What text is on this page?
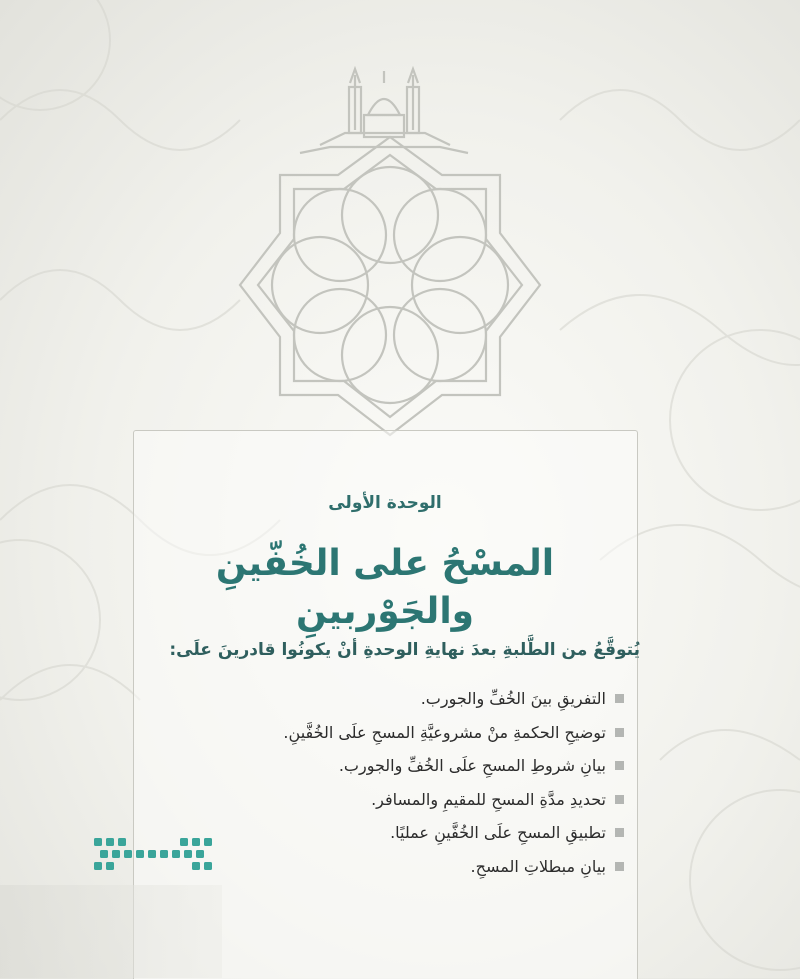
الوحدة الأولى
المسْحُ على الخُفّينِ والجَوْربينِ
يُتوقَّعُ من الطَّلبةِ بعدَ نهايةِ الوحدةِ أنْ يكونُوا قادرينَ علَى:
التفريقِ بينَ الخُفِّ والجورب.
توضيحِ الحكمةِ منْ مشروعيَّةِ المسحِ علَى الخُفَّينِ.
بيانِ شروطِ المسحِ علَى الخُفِّ والجورب.
تحديدِ مدَّةِ المسحِ للمقيمِ والمسافر.
تطبيقِ المسحِ علَى الخُفَّينِ عمليًا.
بيانِ مبطلاتِ المسحِ.
